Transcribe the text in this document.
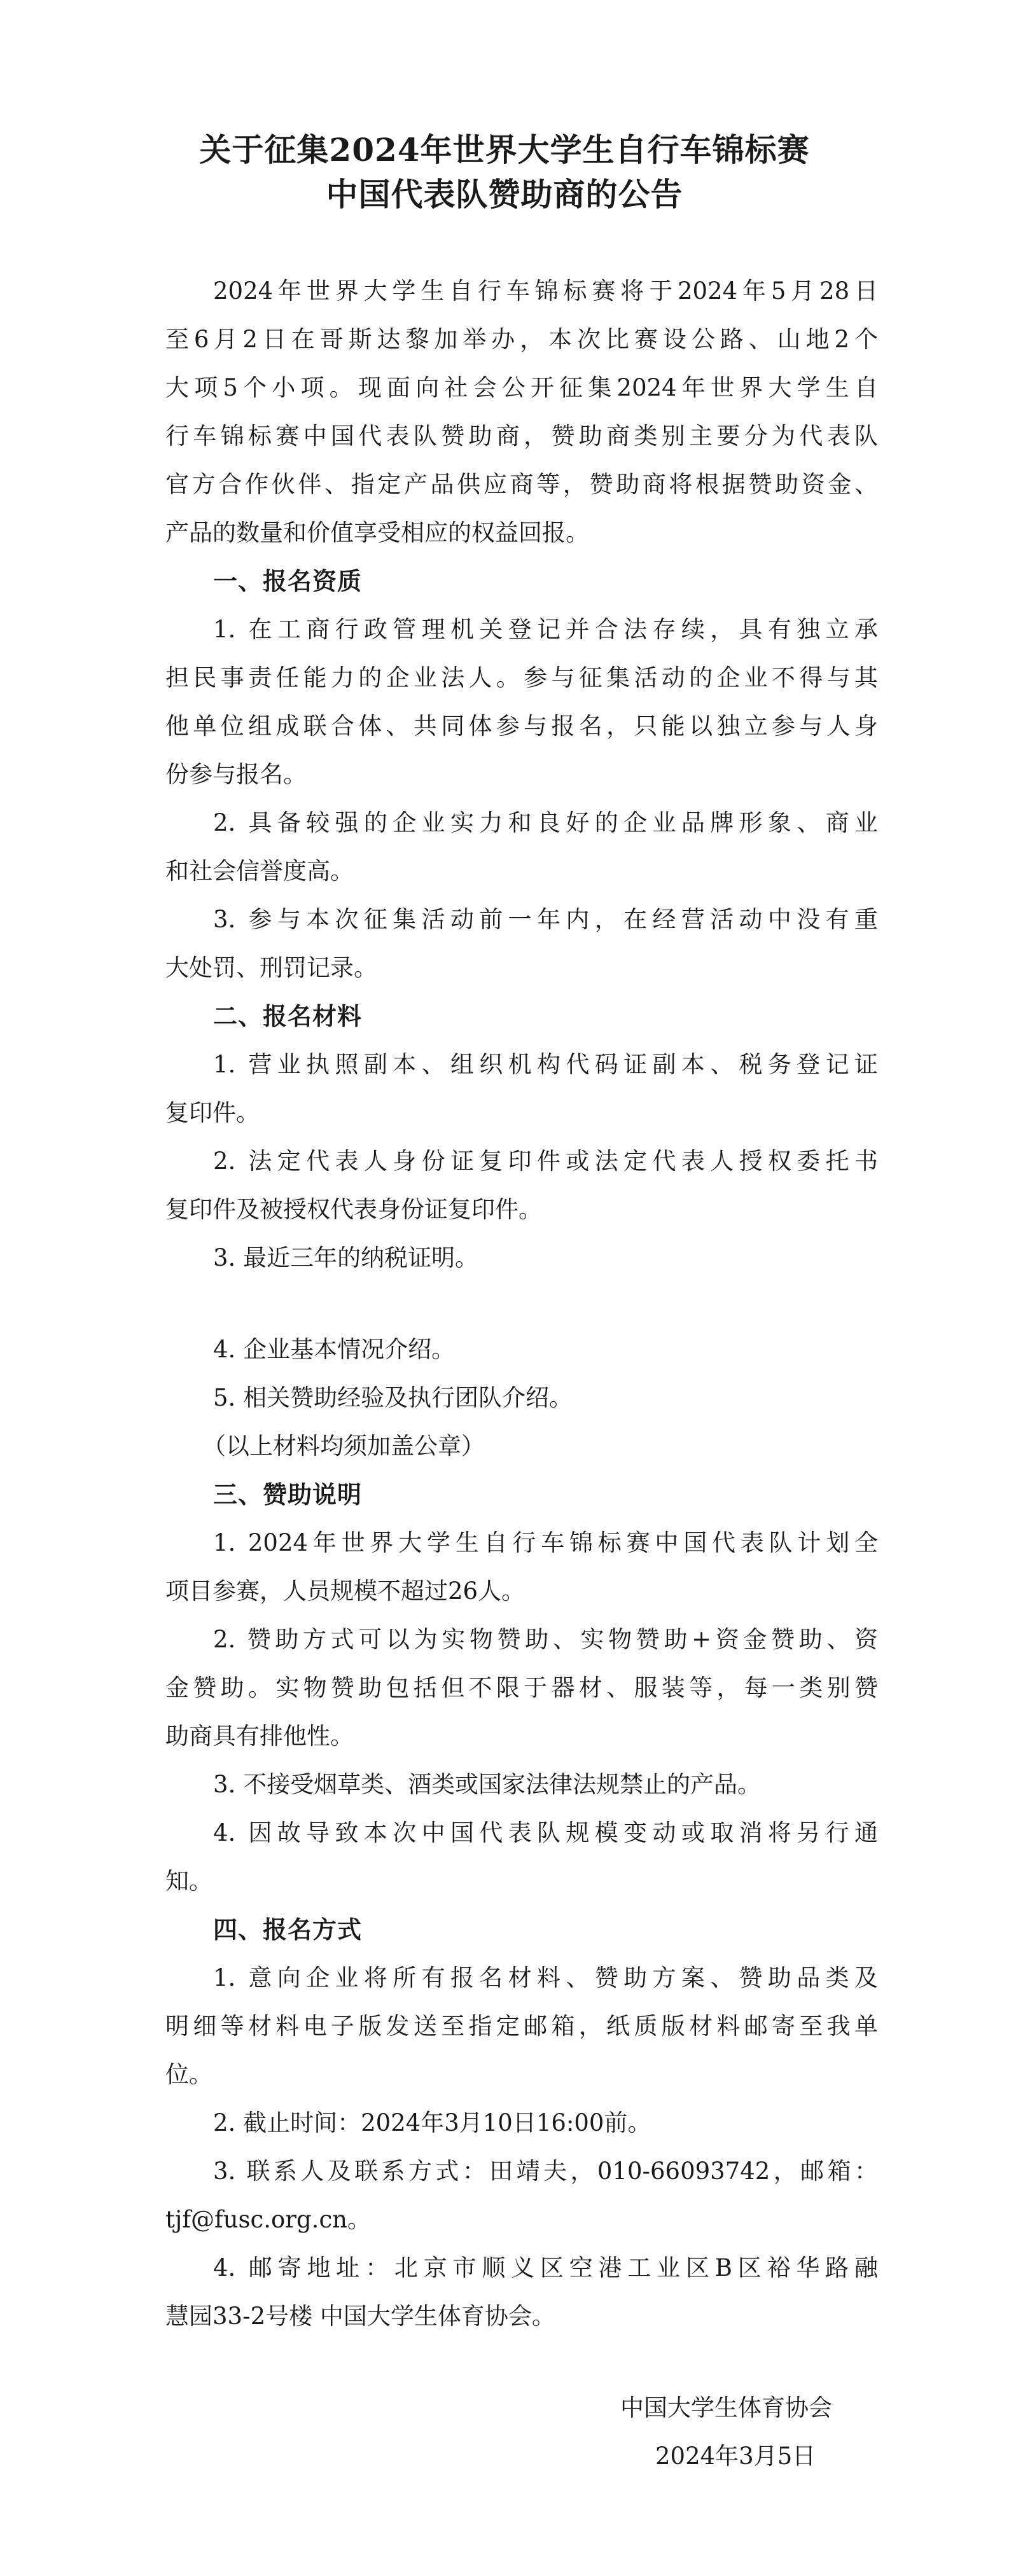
关于征集2024年世界大学生自行车锦标赛
中国代表队赞助商的公告
2024年世界大学生自行车锦标赛将于2024年5月28日
至6月2日在哥斯达黎加举办，本次比赛设公路、山地2个
大项5个小项。现面向社会公开征集2024年世界大学生自
行车锦标赛中国代表队赞助商，赞助商类别主要分为代表队
官方合作伙伴、指定产品供应商等，赞助商将根据赞助资金、
产品的数量和价值享受相应的权益回报。
一、报名资质
1. 在工商行政管理机关登记并合法存续，具有独立承
担民事责任能力的企业法人。参与征集活动的企业不得与其
他单位组成联合体、共同体参与报名，只能以独立参与人身
份参与报名。
2. 具备较强的企业实力和良好的企业品牌形象、商业
和社会信誉度高。
3. 参与本次征集活动前一年内，在经营活动中没有重
大处罚、刑罚记录。
二、报名材料
1. 营业执照副本、组织机构代码证副本、税务登记证
复印件。
2. 法定代表人身份证复印件或法定代表人授权委托书
复印件及被授权代表身份证复印件。
3. 最近三年的纳税证明。
4. 企业基本情况介绍。
5. 相关赞助经验及执行团队介绍。
（以上材料均须加盖公章）
三、赞助说明
1. 2024年世界大学生自行车锦标赛中国代表队计划全
项目参赛，人员规模不超过26人。
2. 赞助方式可以为实物赞助、实物赞助+资金赞助、资
金赞助。实物赞助包括但不限于器材、服装等，每一类别赞
助商具有排他性。
3. 不接受烟草类、酒类或国家法律法规禁止的产品。
4. 因故导致本次中国代表队规模变动或取消将另行通
知。
四、报名方式
1. 意向企业将所有报名材料、赞助方案、赞助品类及
明细等材料电子版发送至指定邮箱，纸质版材料邮寄至我单
位。
2. 截止时间：2024年3月10日16:00前。
3. 联系人及联系方式：田靖夫，010-66093742，邮箱：
tjf@fusc.org.cn。
4. 邮寄地址：北京市顺义区空港工业区B区裕华路融
慧园33-2号楼 中国大学生体育协会。
中国大学生体育协会
2024年3月5日
